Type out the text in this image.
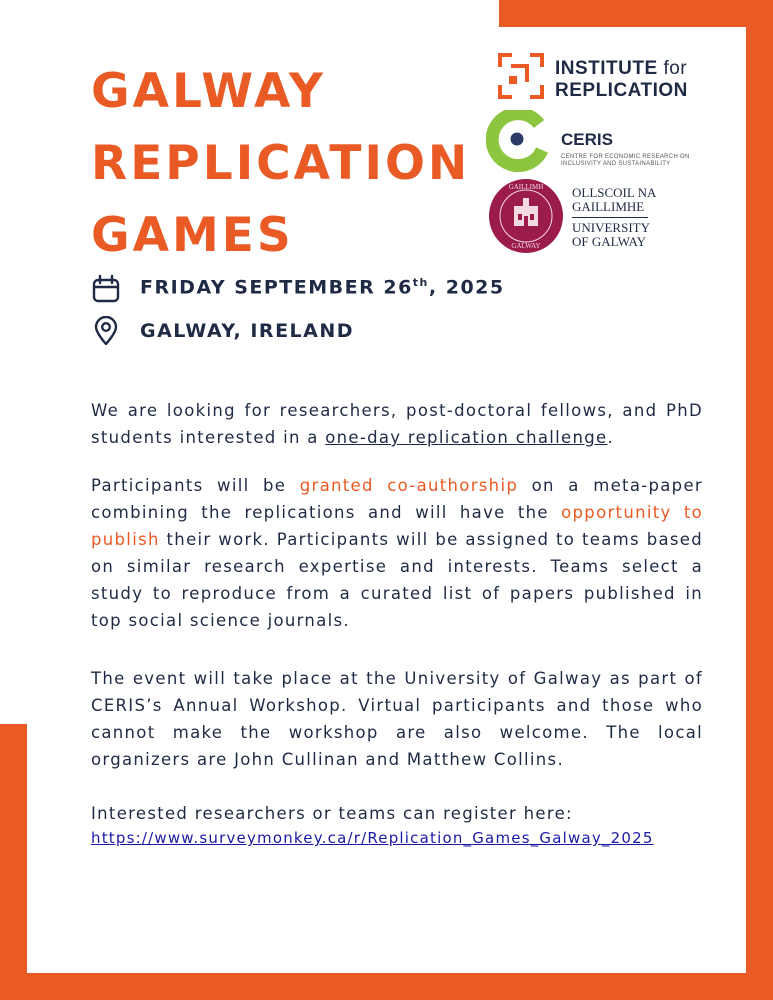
GALWAY
REPLICATION
GAMES
FRIDAY SEPTEMBER 26th, 2025
GALWAY, IRELAND
INSTITUTE for
REPLICATION
CERIS
CENTRE FOR ECONOMIC RESEARCH ON INCLUSIVITY AND SUSTAINABILITY
GAILLIMH
GALWAY
OLLSCOIL NA
GAILLIMHE
UNIVERSITY
OF GALWAY

We are looking for researchers, post-doctoral fellows, and PhD students interested in a one-day replication challenge.

Participants will be granted co-authorship on a meta-paper combining the replications and will have the opportunity to publish their work. Participants will be assigned to teams based on similar research expertise and interests. Teams select a study to reproduce from a curated list of papers published in top social science journals.

The event will take place at the University of Galway as part of CERIS’s Annual Workshop. Virtual participants and those who cannot make the workshop are also welcome. The local organizers are John Cullinan and Matthew Collins.

Interested researchers or teams can register here:

https://www.surveymonkey.ca/r/Replication_Games_Galway_2025
